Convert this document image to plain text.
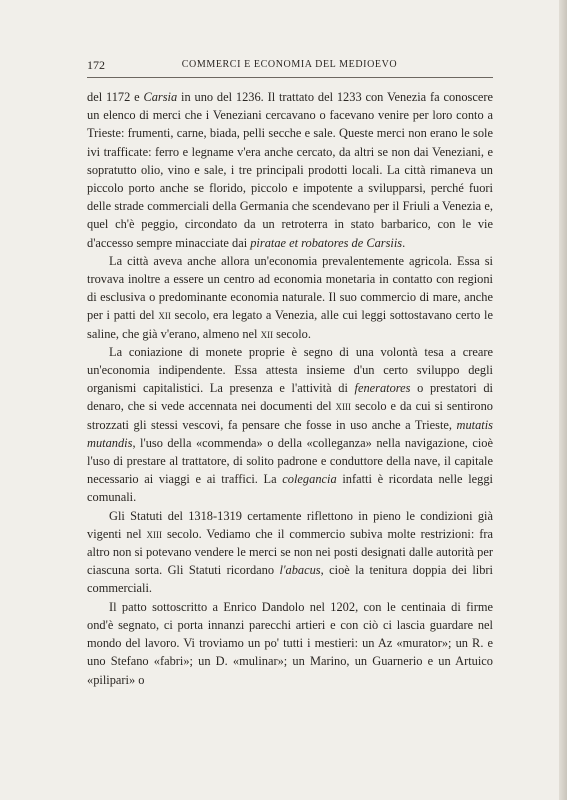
172	COMMERCI E ECONOMIA DEL MEDIOEVO

del 1172 e Carsia in uno del 1236. Il trattato del 1233 con Venezia fa conoscere un elenco di merci che i Veneziani cercavano o facevano venire per loro conto a Trieste: frumenti, carne, biada, pelli secche e sale. Queste merci non erano le sole ivi trafficate: ferro e legname v'era anche cercato, da altri se non dai Veneziani, e sopratutto olio, vino e sale, i tre principali prodotti locali. La città rimaneva un piccolo porto anche se florido, piccolo e impotente a svilupparsi, perché fuori delle strade commerciali della Germania che scendevano per il Friuli a Venezia e, quel ch'è peggio, circondato da un retroterra in stato barbarico, con le vie d'accesso sempre minacciate dai piratae et robatores de Carsiis.

La città aveva anche allora un'economia prevalentemente agricola. Essa si trovava inoltre a essere un centro ad economia monetaria in contatto con regioni di esclusiva o predominante economia naturale. Il suo commercio di mare, anche per i patti del xii secolo, era legato a Venezia, alle cui leggi sottostavano certo le saline, che già v'erano, almeno nel xii secolo.

La coniazione di monete proprie è segno di una volontà tesa a creare un'economia indipendente. Essa attesta insieme d'un certo sviluppo degli organismi capitalistici. La presenza e l'attività di feneratores o prestatori di denaro, che si vede accennata nei documenti del xiii secolo e da cui si sentirono strozzati gli stessi vescovi, fa pensare che fosse in uso anche a Trieste, mutatis mutandis, l'uso della «commenda» o della «colleganza» nella navigazione, cioè l'uso di prestare al trattatore, di solito padrone e conduttore della nave, il capitale necessario ai viaggi e ai traffici. La colegancia infatti è ricordata nelle leggi comunali.

Gli Statuti del 1318-1319 certamente riflettono in pieno le condizioni già vigenti nel xiii secolo. Vediamo che il commercio subiva molte restrizioni: fra altro non si potevano vendere le merci se non nei posti designati dalle autorità per ciascuna sorta. Gli Statuti ricordano l'abacus, cioè la tenitura doppia dei libri commerciali.

Il patto sottoscritto a Enrico Dandolo nel 1202, con le centinaia di firme ond'è segnato, ci porta innanzi parecchi artieri e con ciò ci lascia guardare nel mondo del lavoro. Vi troviamo un po' tutti i mestieri: un Az «murator»; un R. e uno Stefano «fabri»; un D. «mulinar»; un Marino, un Guarnerio e un Artuico «pilipari» o
